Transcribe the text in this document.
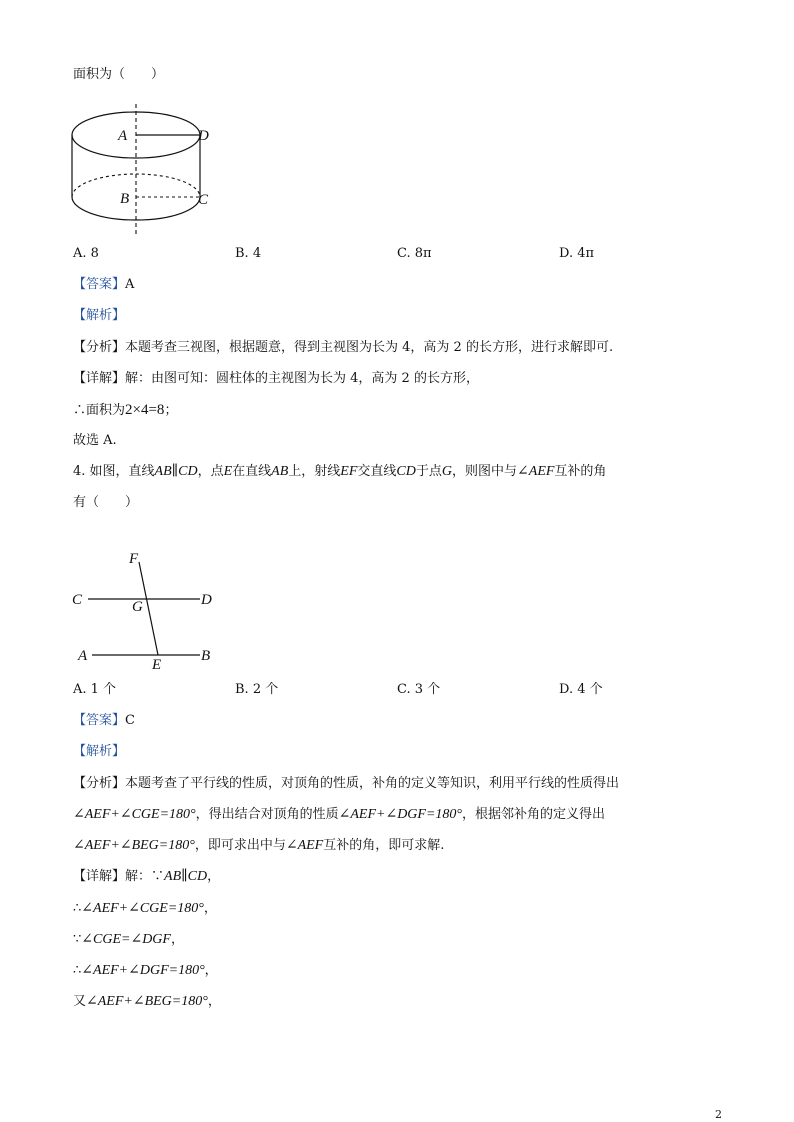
面积为（　　）
A	D
B	C
A. 8	B. 4	C. 8π	D. 4π
【答案】A
【解析】
【分析】本题考查三视图，根据题意，得到主视图为长为 4，高为 2 的长方形，进行求解即可.
【详解】解：由图可知：圆柱体的主视图为长为 4，高为 2 的长方形，
∴面积为2×4=8；
故选 A.
4. 如图，直线AB∥CD，点E在直线AB上，射线EF交直线CD于点G，则图中与∠AEF互补的角
有（　　）
F
C	G	D
A
E
B
A. 1 个	B. 2 个	C. 3 个	D. 4 个
【答案】C
【解析】
【分析】本题考查了平行线的性质，对顶角的性质，补角的定义等知识，利用平行线的性质得出
∠AEF+∠CGE=180°，得出结合对顶角的性质∠AEF+∠DGF=180°，根据邻补角的定义得出
∠AEF+∠BEG=180°，即可求出中与∠AEF互补的角，即可求解.
【详解】解：∵AB∥CD，
∴∠AEF+∠CGE=180°，
∵∠CGE=∠DGF，
∴∠AEF+∠DGF=180°，
又∠AEF+∠BEG=180°，
2
